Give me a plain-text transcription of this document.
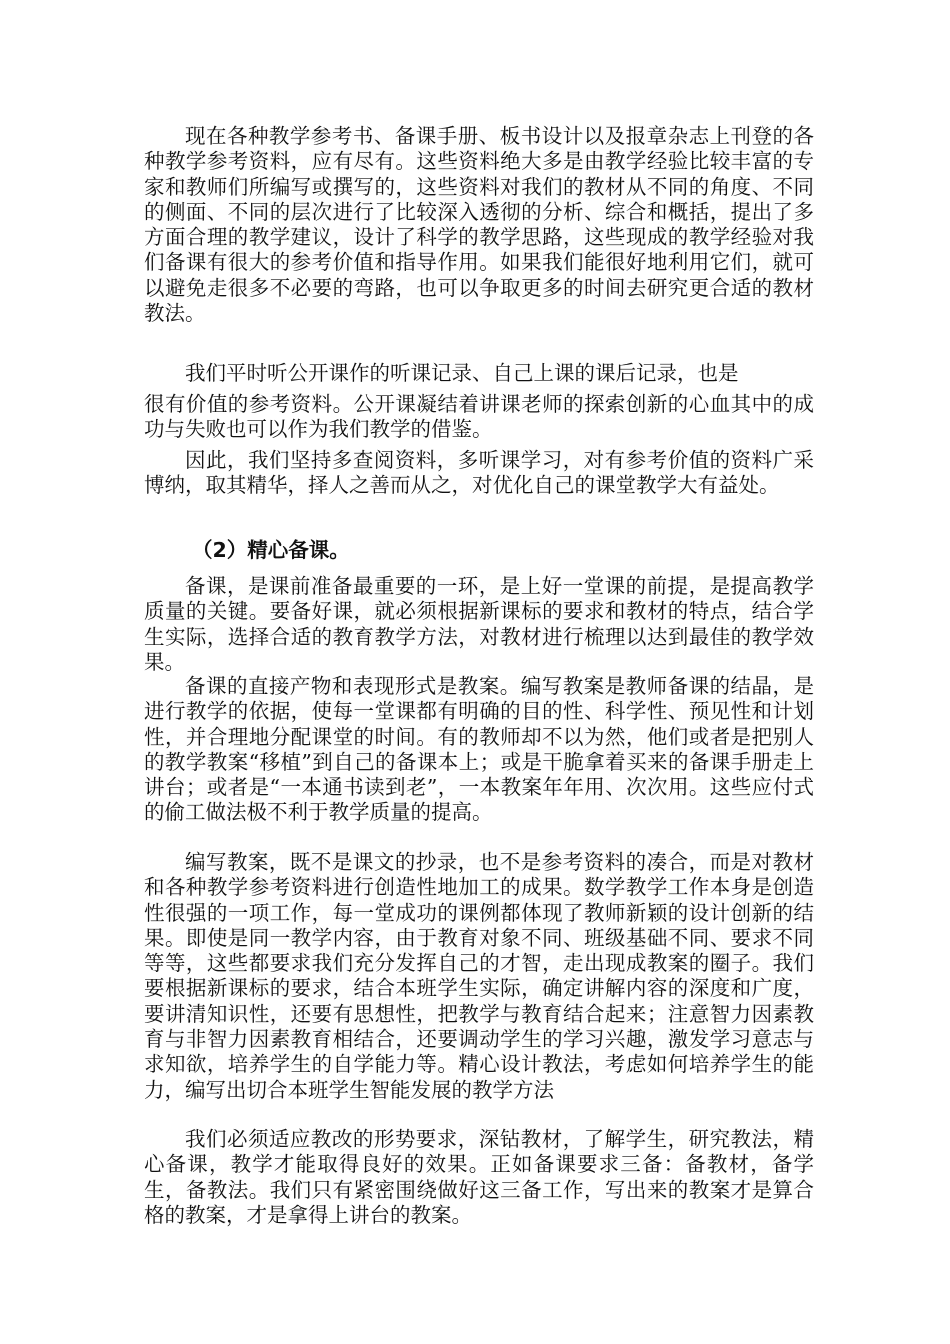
现在各种教学参考书、备课手册、板书设计以及报章杂志上刊登的各种教学参考资料，应有尽有。这些资料绝大多是由教学经验比较丰富的专家和教师们所编写或撰写的，这些资料对我们的教材从不同的角度、不同的侧面、不同的层次进行了比较深入透彻的分析、综合和概括，提出了多方面合理的教学建议，设计了科学的教学思路，这些现成的教学经验对我们备课有很大的参考价值和指导作用。如果我们能很好地利用它们，就可以避免走很多不必要的弯路，也可以争取更多的时间去研究更合适的教材教法。

我们平时听公开课作的听课记录、自己上课的课后记录，也是

很有价值的参考资料。公开课凝结着讲课老师的探索创新的心血其中的成功与失败也可以作为我们教学的借鉴。

因此，我们坚持多查阅资料，多听课学习，对有参考价值的资料广采博纳，取其精华，择人之善而从之，对优化自己的课堂教学大有益处。

（2）精心备课。

备课，是课前准备最重要的一环，是上好一堂课的前提，是提高教学质量的关键。要备好课，就必须根据新课标的要求和教材的特点，结合学生实际，选择合适的教育教学方法，对教材进行梳理以达到最佳的教学效果。

备课的直接产物和表现形式是教案。编写教案是教师备课的结晶，是进行教学的依据，使每一堂课都有明确的目的性、科学性、预见性和计划性，并合理地分配课堂的时间。有的教师却不以为然，他们或者是把别人的教学教案“移植”到自己的备课本上；或是干脆拿着买来的备课手册走上讲台；或者是“一本通书读到老”，一本教案年年用、次次用。这些应付式的偷工做法极不利于教学质量的提高。

编写教案，既不是课文的抄录，也不是参考资料的凑合，而是对教材和各种教学参考资料进行创造性地加工的成果。数学教学工作本身是创造性很强的一项工作，每一堂成功的课例都体现了教师新颖的设计创新的结果。即使是同一教学内容，由于教育对象不同、班级基础不同、要求不同等等，这些都要求我们充分发挥自己的才智，走出现成教案的圈子。我们要根据新课标的要求，结合本班学生实际，确定讲解内容的深度和广度，要讲清知识性，还要有思想性，把教学与教育结合起来；注意智力因素教育与非智力因素教育相结合，还要调动学生的学习兴趣，激发学习意志与求知欲，培养学生的自学能力等。精心设计教法，考虑如何培养学生的能力，编写出切合本班学生智能发展的教学方法

我们必须适应教改的形势要求，深钻教材，了解学生，研究教法，精心备课，教学才能取得良好的效果。正如备课要求三备：备教材，备学生，备教法。我们只有紧密围绕做好这三备工作，写出来的教案才是算合格的教案，才是拿得上讲台的教案。
